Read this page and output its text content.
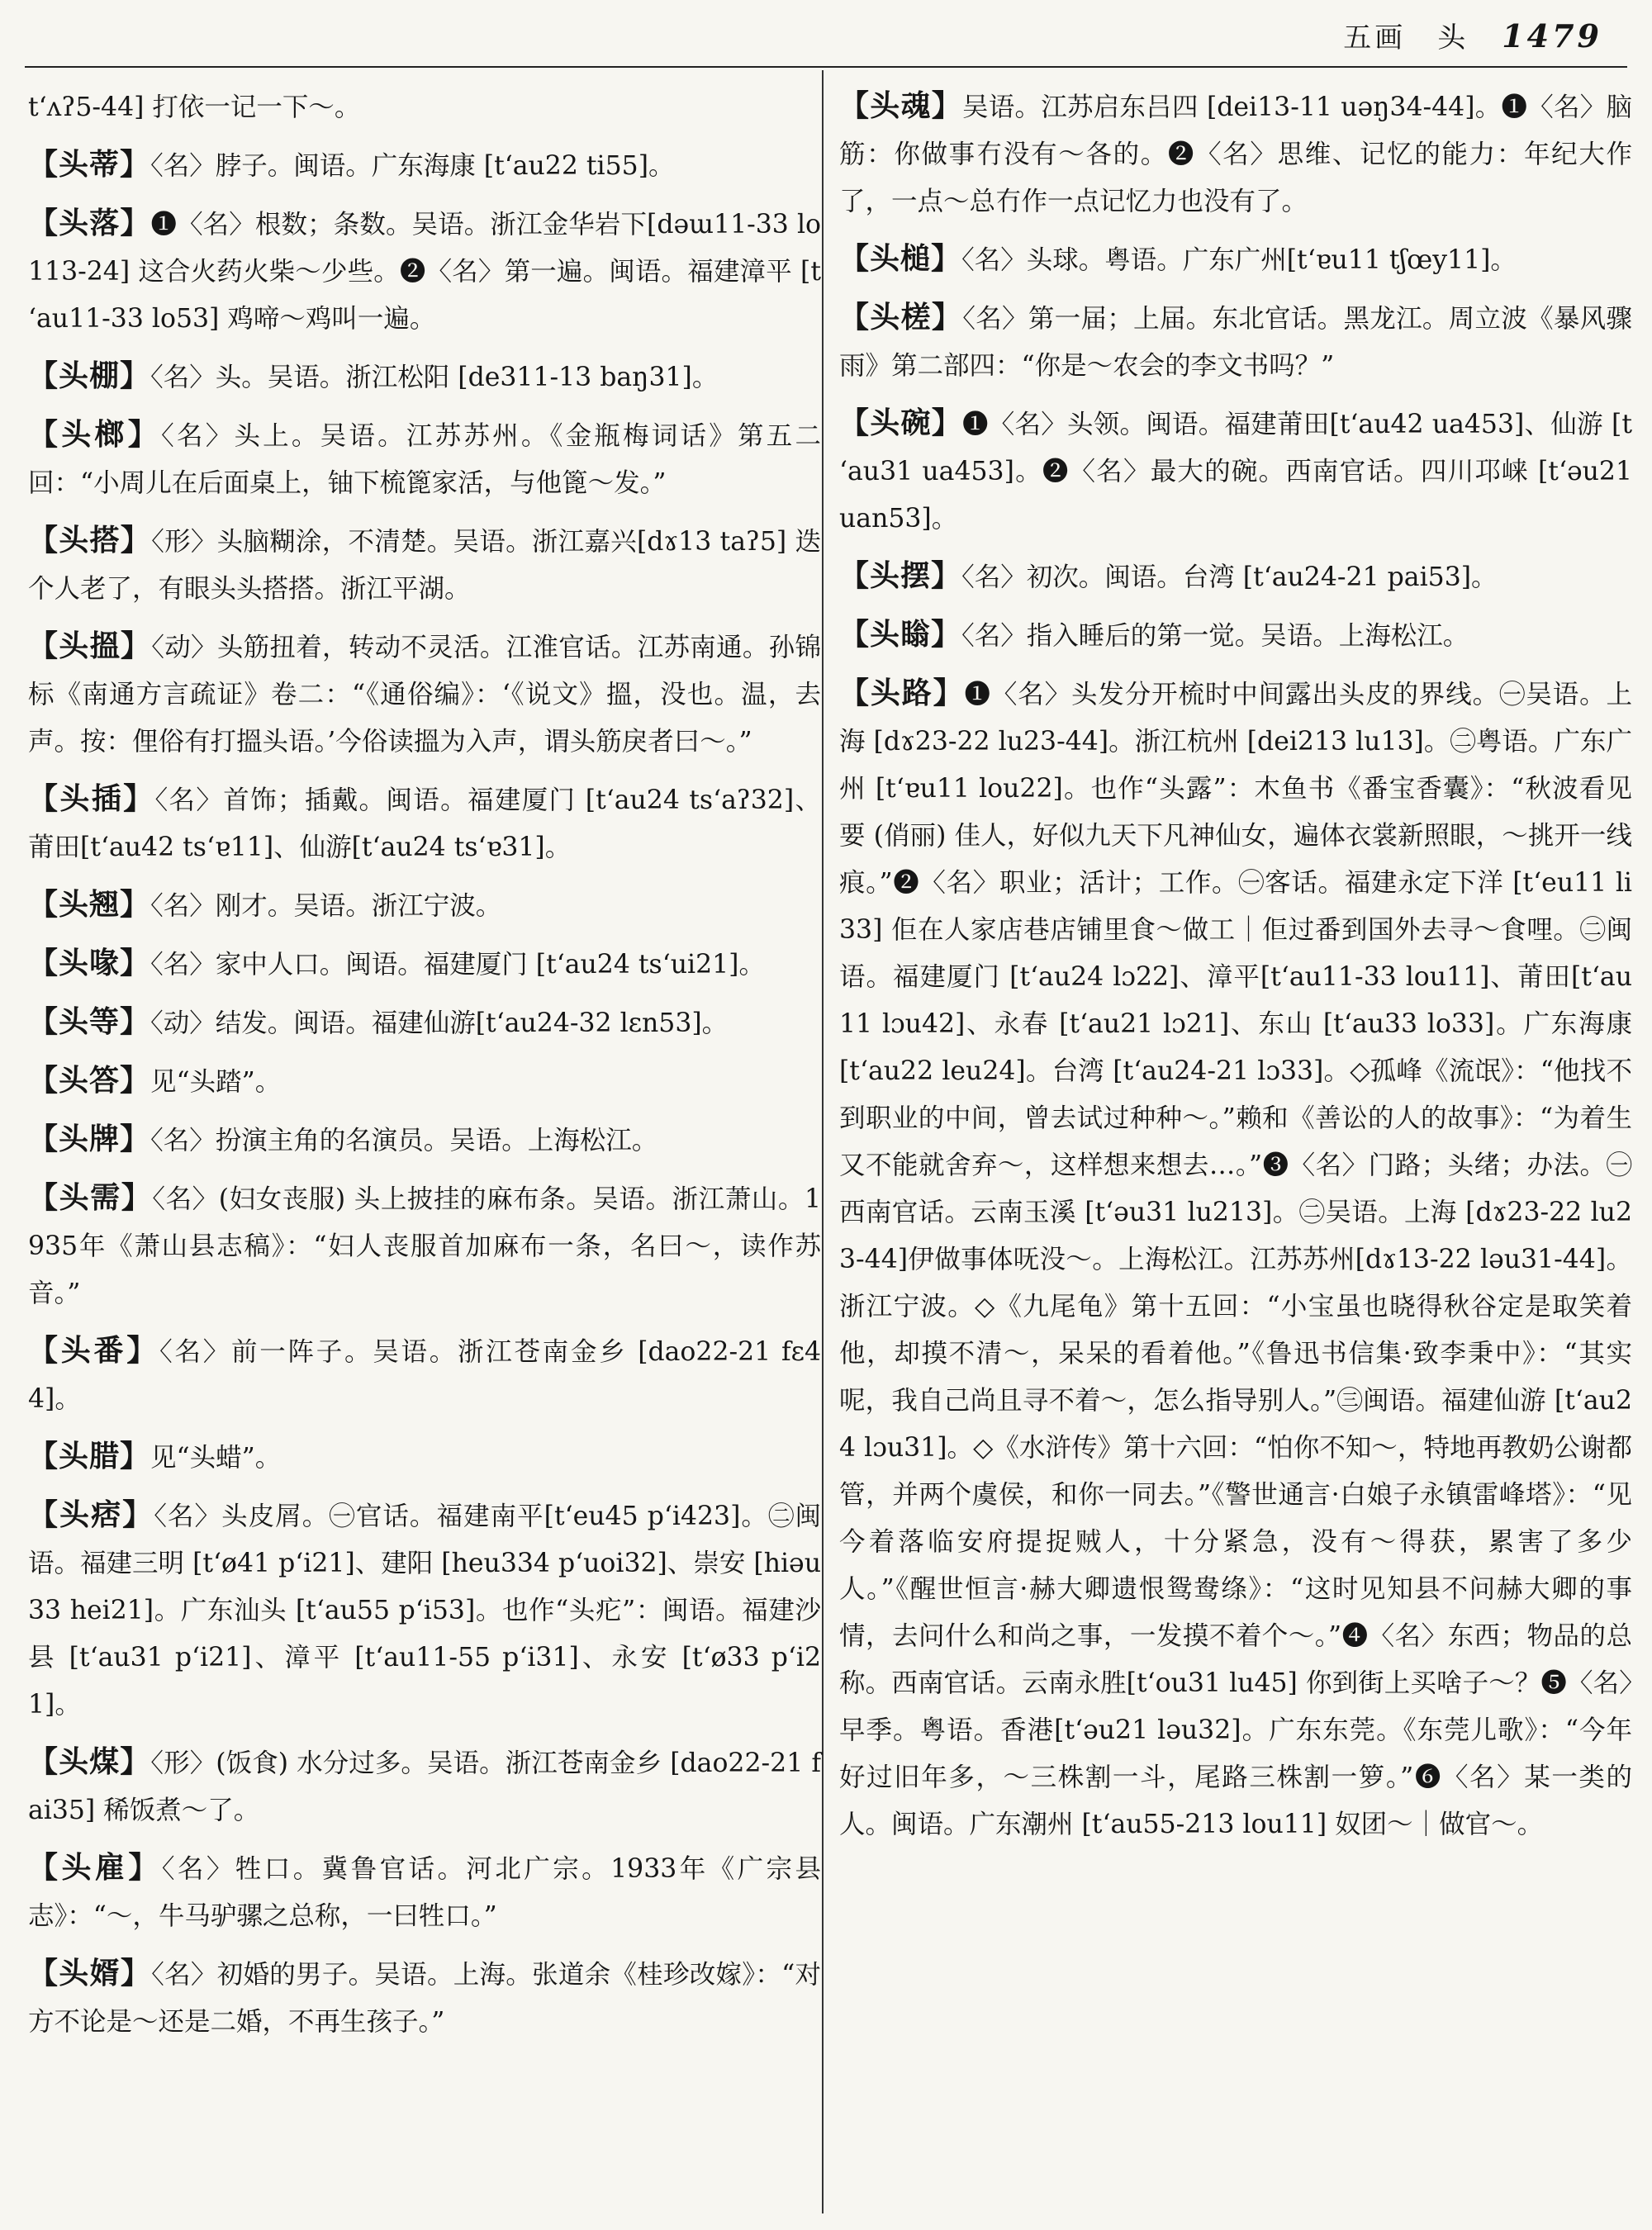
五画　头 1479

tʻʌʔ5-44] 打依一记一下～。

【头蒂】〈名〉脖子。闽语。广东海康 [tʻau22 ti55]。

【头落】❶〈名〉根数；条数。吴语。浙江金华岩下[dəɯ11-33 lo113-24] 这合火药火柴～少些。❷〈名〉第一遍。闽语。福建漳平 [tʻau11-33 lo53] 鸡啼～鸡叫一遍。

【头棚】〈名〉头。吴语。浙江松阳 [de311-13 baŋ31]。

【头榔】〈名〉头上。吴语。江苏苏州。《金瓶梅词话》第五二回：“小周儿在后面桌上，铀下梳篦家活，与他篦～发。”

【头搭】〈形〉头脑糊涂，不清楚。吴语。浙江嘉兴[dɤ13 taʔ5] 迭个人老了，有眼头头搭搭。浙江平湖。

【头搵】〈动〉头筋扭着，转动不灵活。江淮官话。江苏南通。孙锦标《南通方言疏证》卷二：“《通俗编》：‘《说文》搵，没也。温，去声。按：俚俗有打搵头语。’今俗读搵为入声，谓头筋戾者曰～。”

【头插】〈名〉首饰；插戴。闽语。福建厦门 [tʻau24 tsʻaʔ32]、莆田[tʻau42 tsʻɐ11]、仙游[tʻau24 tsʻɐ31]。

【头翘】〈名〉刚才。吴语。浙江宁波。

【头喙】〈名〉家中人口。闽语。福建厦门 [tʻau24 tsʻui21]。

【头等】〈动〉结发。闽语。福建仙游[tʻau24-32 lɛn53]。

【头答】见“头踏”。

【头牌】〈名〉扮演主角的名演员。吴语。上海松江。

【头需】〈名〉(妇女丧服) 头上披挂的麻布条。吴语。浙江萧山。1935年《萧山县志稿》：“妇人丧服首加麻布一条，名曰～，读作苏音。”

【头番】〈名〉前一阵子。吴语。浙江苍南金乡 [dao22-21 fɛ44]。

【头腊】见“头蜡”。

【头痞】〈名〉头皮屑。㊀官话。福建南平[tʻeu45 pʻi423]。㊁闽语。福建三明 [tʻø41 pʻi21]、建阳 [heu334 pʻuoi32]、崇安 [hiəu33 hei21]。广东汕头 [tʻau55 pʻi53]。也作“头疕”：闽语。福建沙县 [tʻau31 pʻi21]、漳平 [tʻau11-55 pʻi31]、永安 [tʻø33 pʻi21]。

【头煤】〈形〉(饭食) 水分过多。吴语。浙江苍南金乡 [dao22-21 fai35] 稀饭煮～了。

【头雇】〈名〉牲口。冀鲁官话。河北广宗。1933年《广宗县志》：“～，牛马驴骡之总称，一曰牲口。”

【头婿】〈名〉初婚的男子。吴语。上海。张道余《桂珍改嫁》：“对方不论是～还是二婚，不再生孩子。”

【头魂】吴语。江苏启东吕四 [dei13-11 uəŋ34-44]。❶〈名〉脑筋：你做事冇没有～各的。❷〈名〉思维、记忆的能力：年纪大作了，一点～总冇作一点记忆力也没有了。

【头槌】〈名〉头球。粤语。广东广州[tʻɐu11 tʃœy11]。

【头槎】〈名〉第一届；上届。东北官话。黑龙江。周立波《暴风骤雨》第二部四：“你是～农会的李文书吗？”

【头碗】❶〈名〉头领。闽语。福建莆田[tʻau42 ua453]、仙游 [tʻau31 ua453]。❷〈名〉最大的碗。西南官话。四川邛崃 [tʻəu21 uan53]。

【头摆】〈名〉初次。闽语。台湾 [tʻau24-21 pai53]。

【头瞈】〈名〉指入睡后的第一觉。吴语。上海松江。

【头路】❶〈名〉头发分开梳时中间露出头皮的界线。㊀吴语。上海 [dɤ23-22 lu23-44]。浙江杭州 [dei213 lu13]。㊁粤语。广东广州 [tʻɐu11 lou22]。也作“头露”：木鱼书《番宝香囊》：“秋波看见要 (俏丽) 佳人，好似九天下凡神仙女，遍体衣裳新照眼，～挑开一线痕。”❷〈名〉职业；活计；工作。㊀客话。福建永定下洋 [tʻeu11 li33] 佢在人家店巷店铺里食～做工｜佢过番到国外去寻～食哩。㊁闽语。福建厦门 [tʻau24 lɔ22]、漳平[tʻau11-33 lou11]、莆田[tʻau11 lɔu42]、永春 [tʻau21 lɔ21]、东山 [tʻau33 lo33]。广东海康 [tʻau22 leu24]。台湾 [tʻau24-21 lɔ33]。◇孤峰《流氓》：“他找不到职业的中间，曾去试过种种～。”赖和《善讼的人的故事》：“为着生又不能就舍弃～，这样想来想去…。”❸〈名〉门路；头绪；办法。㊀西南官话。云南玉溪 [tʻəu31 lu213]。㊁吴语。上海 [dɤ23-22 lu23-44]伊做事体呒没～。上海松江。江苏苏州[dɤ13-22 ləu31-44]。浙江宁波。◇《九尾龟》第十五回：“小宝虽也晓得秋谷定是取笑着他，却摸不清～，呆呆的看着他。”《鲁迅书信集·致李秉中》：“其实呢，我自己尚且寻不着～，怎么指导别人。”㊂闽语。福建仙游 [tʻau24 lɔu31]。◇《水浒传》第十六回：“怕你不知～，特地再教奶公谢都管，并两个虞侯，和你一同去。”《警世通言·白娘子永镇雷峰塔》：“见今着落临安府提捉贼人，十分紧急，没有～得获，累害了多少人。”《醒世恒言·赫大卿遗恨鸳鸯绦》：“这时见知县不问赫大卿的事情，去问什么和尚之事，一发摸不着个～。”❹〈名〉东西；物品的总称。西南官话。云南永胜[tʻou31 lu45] 你到街上买啥子～？❺〈名〉早季。粤语。香港[tʻəu21 ləu32]。广东东莞。《东莞儿歌》：“今年好过旧年多，～三株割一斗，尾路三株割一箩。”❻〈名〉某一类的人。闽语。广东潮州 [tʻau55-213 lou11] 奴团～｜做官～。
